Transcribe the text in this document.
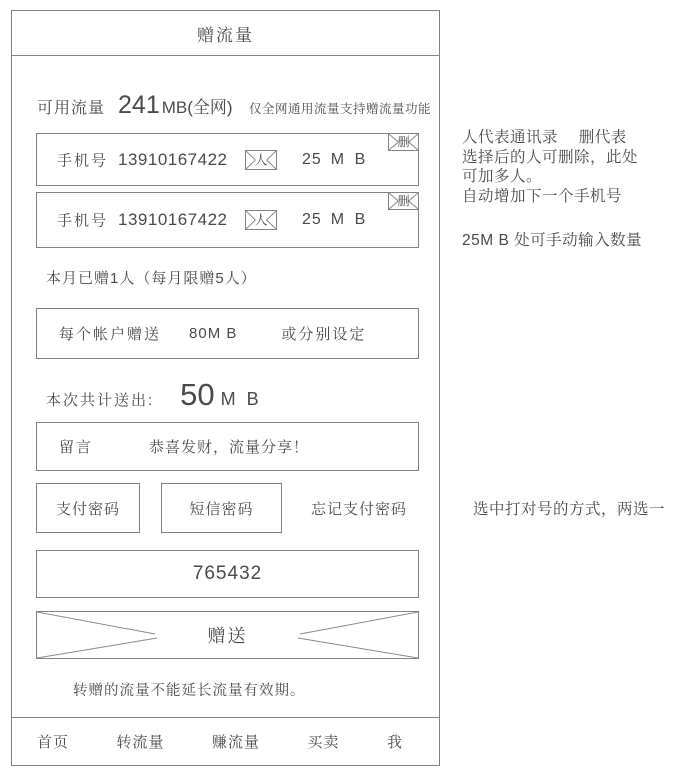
赠流量
可用流量 241 MB(全网) 仅全网通用流量支持赠流量功能
手机号 13910167422	人	25 M B
删
手机号 13910167422	人	25 M B
删
本月已赠1人（每月限赠5人）
每个帐户赠送 80M B	或分别设定
本次共计送出: 50 M B
留言	恭喜发财，流量分享！
支付密码	短信密码	忘记支付密码
765432
赠送
转赠的流量不能延长流量有效期。
首页	转流量	赚流量	买卖	我
人代表通讯录　 删代表
选择后的人可删除，此处
可加多人。
自动增加下一个手机号
25M B 处可手动输入数量
选中打对号的方式，两选一
